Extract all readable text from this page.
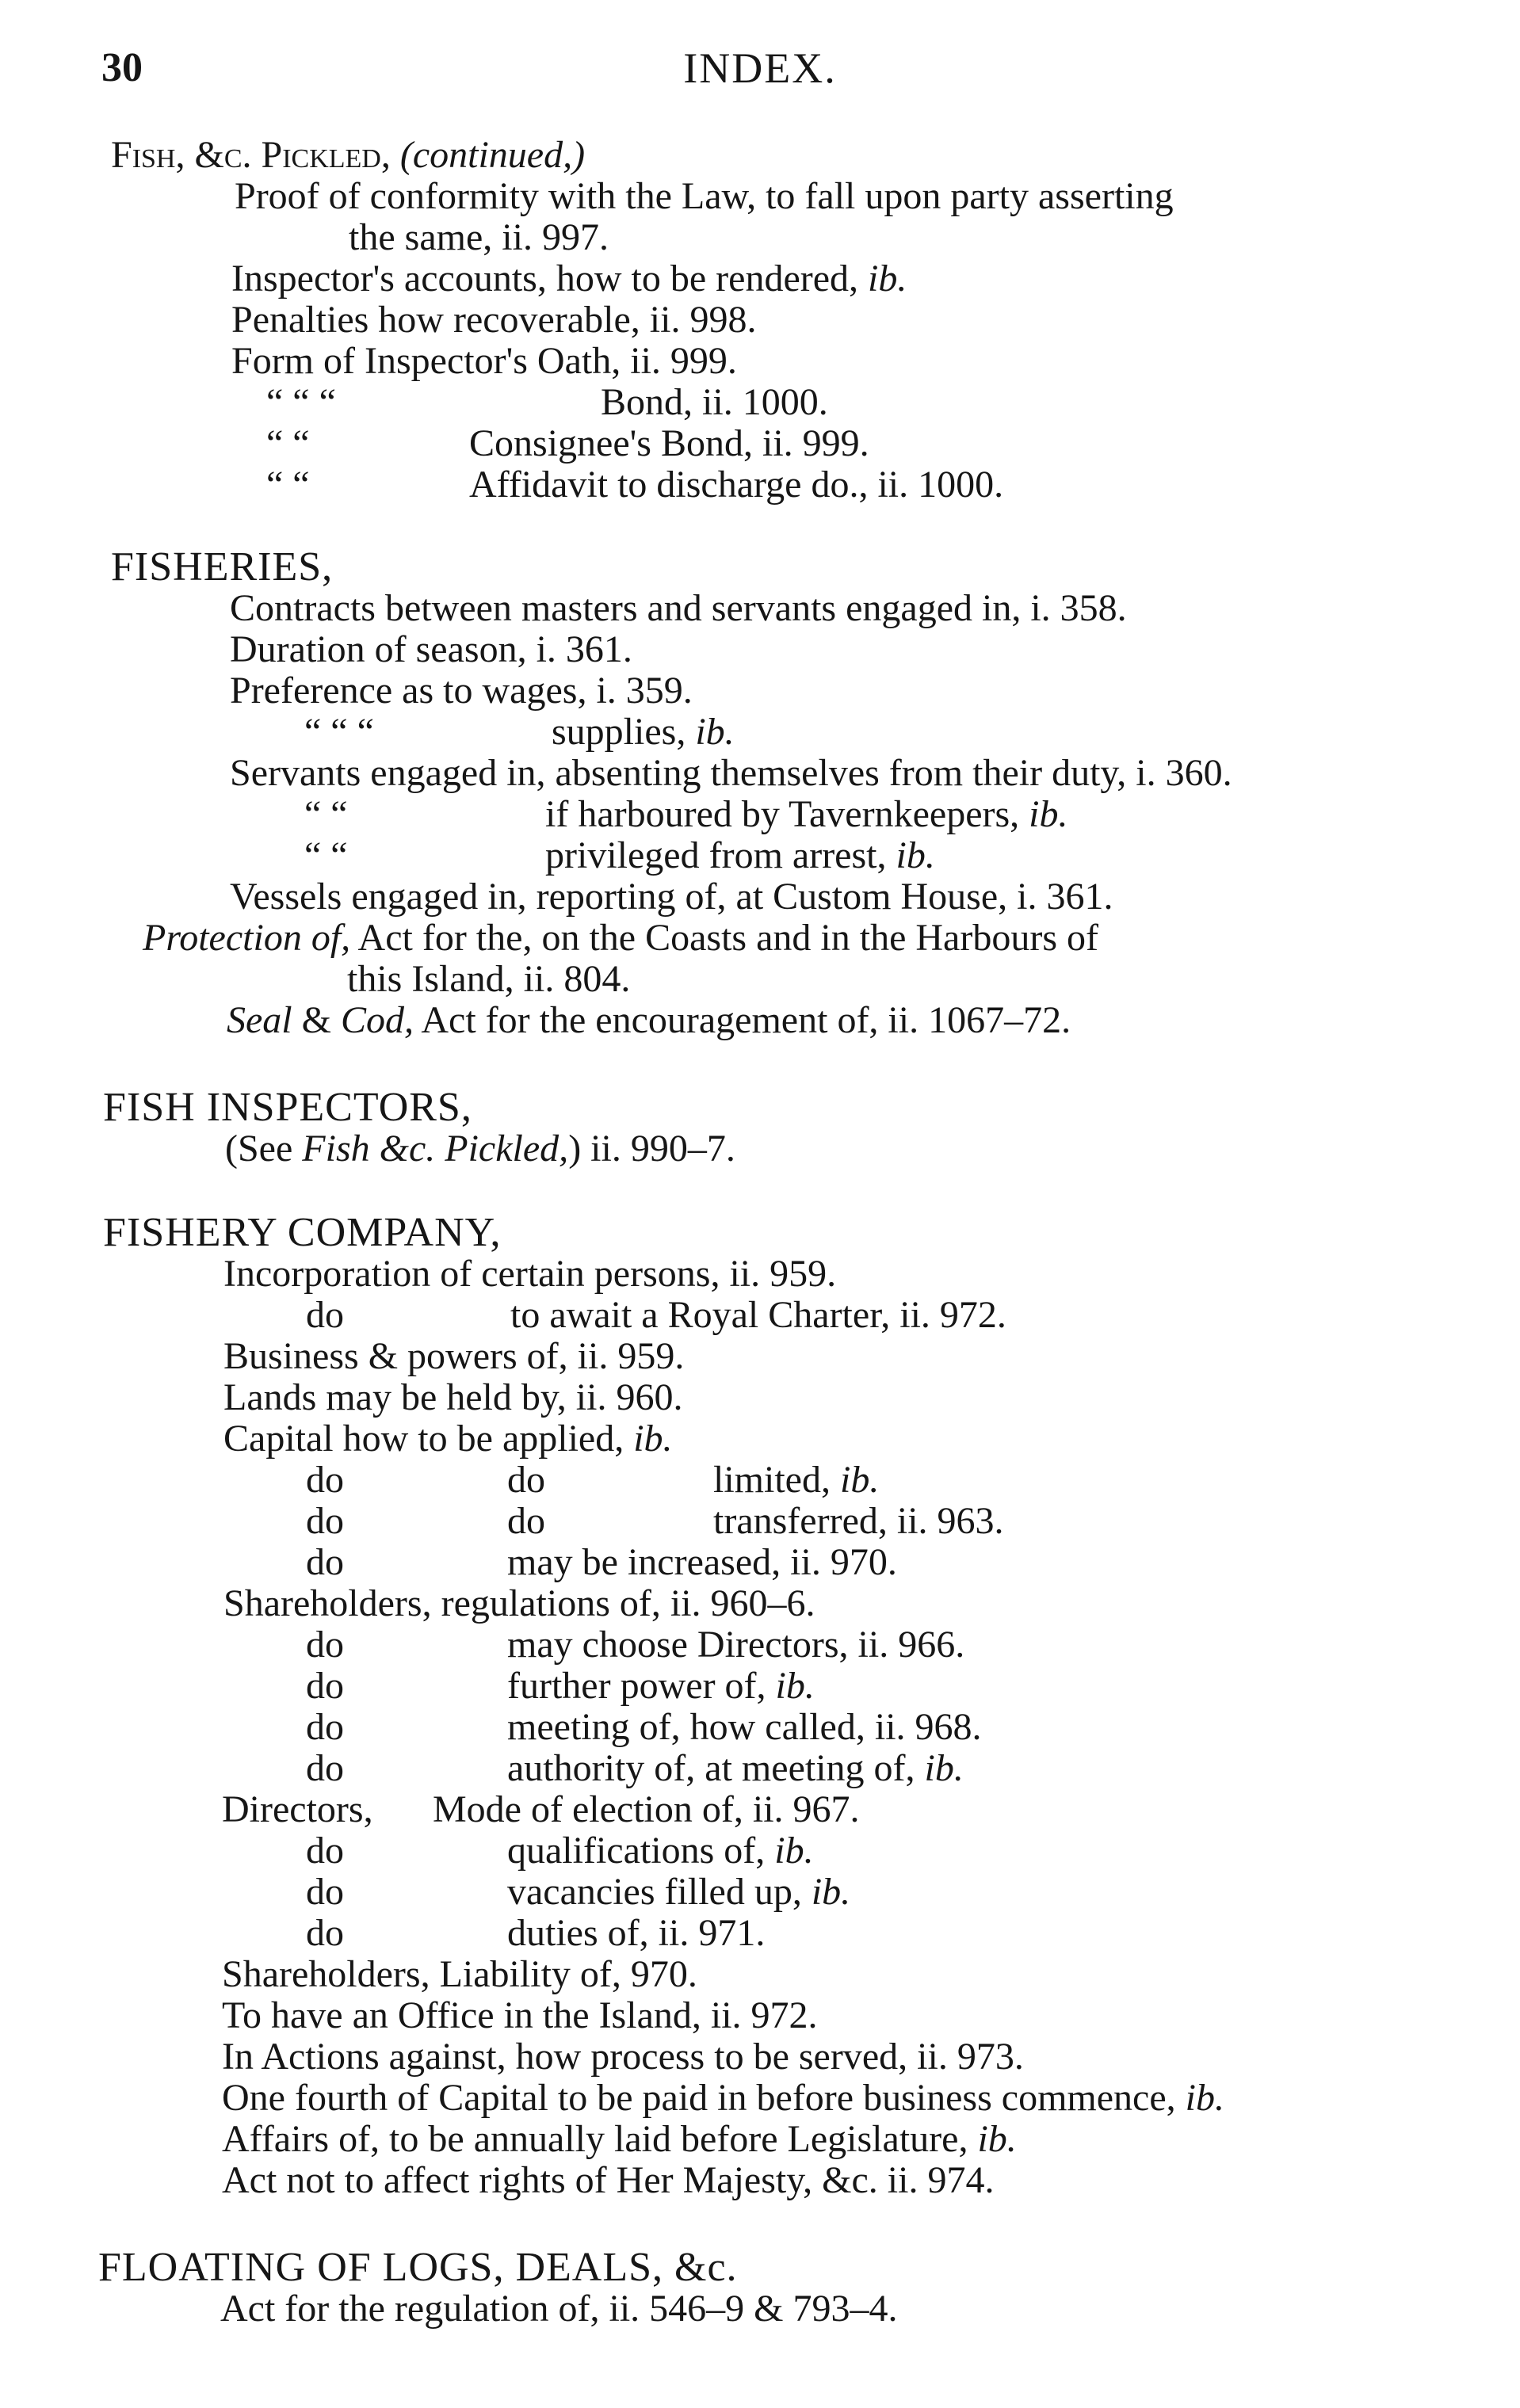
30	INDEX.
Fish, &c. Pickled, (continued,)
Proof of conformity with the Law, to fall upon party asserting
the same, ii. 997.
Inspector's accounts, how to be rendered, ib.
Penalties how recoverable, ii. 998.
Form of Inspector's Oath, ii. 999.
“ “ “	Bond, ii. 1000.
“ “	Consignee's Bond, ii. 999.
“ “	Affidavit to discharge do., ii. 1000.
FISHERIES,
Contracts between masters and servants engaged in, i. 358.
Duration of season, i. 361.
Preference as to wages, i. 359.
“ “ “	supplies, ib.
Servants engaged in, absenting themselves from their duty, i. 360.
“ “	if harboured by Tavernkeepers, ib.
“ “	privileged from arrest, ib.
Vessels engaged in, reporting of, at Custom House, i. 361.
Protection of, Act for the, on the Coasts and in the Harbours of
this Island, ii. 804.
Seal & Cod, Act for the encouragement of, ii. 1067–72.
FISH INSPECTORS,
(See Fish &c. Pickled,) ii. 990–7.
FISHERY COMPANY,
Incorporation of certain persons, ii. 959.
do	to await a Royal Charter, ii. 972.
Business & powers of, ii. 959.
Lands may be held by, ii. 960.
Capital how to be applied, ib.
do	do	limited, ib.
do	do	transferred, ii. 963.
do	may be increased, ii. 970.
Shareholders, regulations of, ii. 960–6.
do	may choose Directors, ii. 966.
do	further power of, ib.
do	meeting of, how called, ii. 968.
do	authority of, at meeting of, ib.
Directors, Mode of election of, ii. 967.
do	qualifications of, ib.
do	vacancies filled up, ib.
do	duties of, ii. 971.
Shareholders, Liability of, 970.
To have an Office in the Island, ii. 972.
In Actions against, how process to be served, ii. 973.
One fourth of Capital to be paid in before business commence, ib.
Affairs of, to be annually laid before Legislature, ib.
Act not to affect rights of Her Majesty, &c. ii. 974.
FLOATING OF LOGS, DEALS, &c.
Act for the regulation of, ii. 546–9 & 793–4.
